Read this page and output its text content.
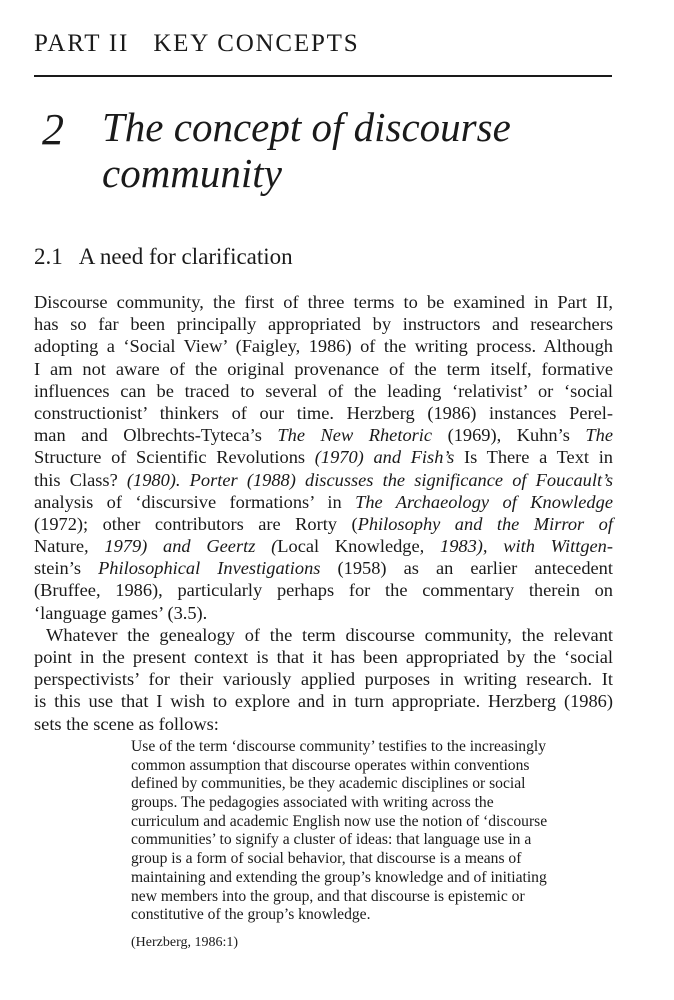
PART II KEY CONCEPTS
2 The concept of discourse
community
2.1 A need for clarification
Discourse community, the first of three terms to be examined in Part II,
has so far been principally appropriated by instructors and researchers
adopting a ‘Social View’ (Faigley, 1986) of the writing process. Although
I am not aware of the original provenance of the term itself, formative
influences can be traced to several of the leading ‘relativist’ or ‘social
constructionist’ thinkers of our time. Herzberg (1986) instances Perel-
man and Olbrechts-Tyteca’s The New Rhetoric (1969), Kuhn’s The
Structure of Scientific Revolutions (1970) and Fish’s Is There a Text in
this Class? (1980). Porter (1988) discusses the significance of Foucault’s
analysis of ‘discursive formations’ in The Archaeology of Knowledge
(1972); other contributors are Rorty (Philosophy and the Mirror of
Nature, 1979) and Geertz (Local Knowledge, 1983), with Wittgen-
stein’s Philosophical Investigations (1958) as an earlier antecedent
(Bruffee, 1986), particularly perhaps for the commentary therein on
‘language games’ (3.5).
Whatever the genealogy of the term discourse community, the relevant
point in the present context is that it has been appropriated by the ‘social
perspectivists’ for their variously applied purposes in writing research. It
is this use that I wish to explore and in turn appropriate. Herzberg (1986)
sets the scene as follows:
Use of the term ‘discourse community’ testifies to the increasingly
common assumption that discourse operates within conventions
defined by communities, be they academic disciplines or social
groups. The pedagogies associated with writing across the
curriculum and academic English now use the notion of ‘discourse
communities’ to signify a cluster of ideas: that language use in a
group is a form of social behavior, that discourse is a means of
maintaining and extending the group’s knowledge and of initiating
new members into the group, and that discourse is epistemic or
constitutive of the group’s knowledge.
(Herzberg, 1986:1)
